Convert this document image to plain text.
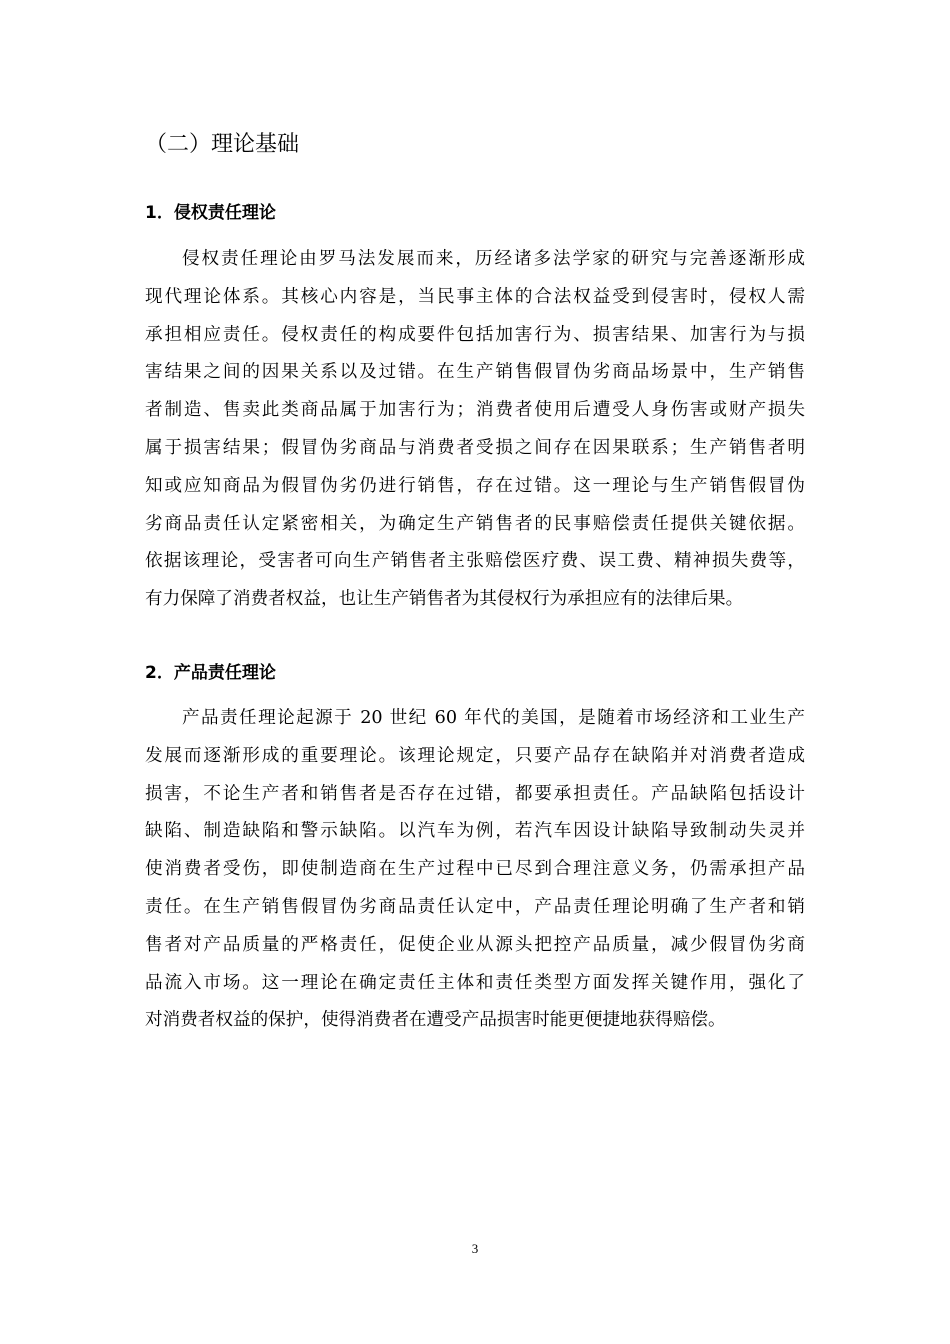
（二）理论基础
1．侵权责任理论
侵权责任理论由罗马法发展而来，历经诸多法学家的研究与完善逐渐形成
现代理论体系。其核心内容是，当民事主体的合法权益受到侵害时，侵权人需
承担相应责任。侵权责任的构成要件包括加害行为、损害结果、加害行为与损
害结果之间的因果关系以及过错。在生产销售假冒伪劣商品场景中，生产销售
者制造、售卖此类商品属于加害行为；消费者使用后遭受人身伤害或财产损失
属于损害结果；假冒伪劣商品与消费者受损之间存在因果联系；生产销售者明
知或应知商品为假冒伪劣仍进行销售，存在过错。这一理论与生产销售假冒伪
劣商品责任认定紧密相关，为确定生产销售者的民事赔偿责任提供关键依据。
依据该理论，受害者可向生产销售者主张赔偿医疗费、误工费、精神损失费等，
有力保障了消费者权益，也让生产销售者为其侵权行为承担应有的法律后果。
2．产品责任理论
产品责任理论起源于 20 世纪 60 年代的美国，是随着市场经济和工业生产
发展而逐渐形成的重要理论。该理论规定，只要产品存在缺陷并对消费者造成
损害，不论生产者和销售者是否存在过错，都要承担责任。产品缺陷包括设计
缺陷、制造缺陷和警示缺陷。以汽车为例，若汽车因设计缺陷导致制动失灵并
使消费者受伤，即使制造商在生产过程中已尽到合理注意义务，仍需承担产品
责任。在生产销售假冒伪劣商品责任认定中，产品责任理论明确了生产者和销
售者对产品质量的严格责任，促使企业从源头把控产品质量，减少假冒伪劣商
品流入市场。这一理论在确定责任主体和责任类型方面发挥关键作用，强化了
对消费者权益的保护，使得消费者在遭受产品损害时能更便捷地获得赔偿。
3
